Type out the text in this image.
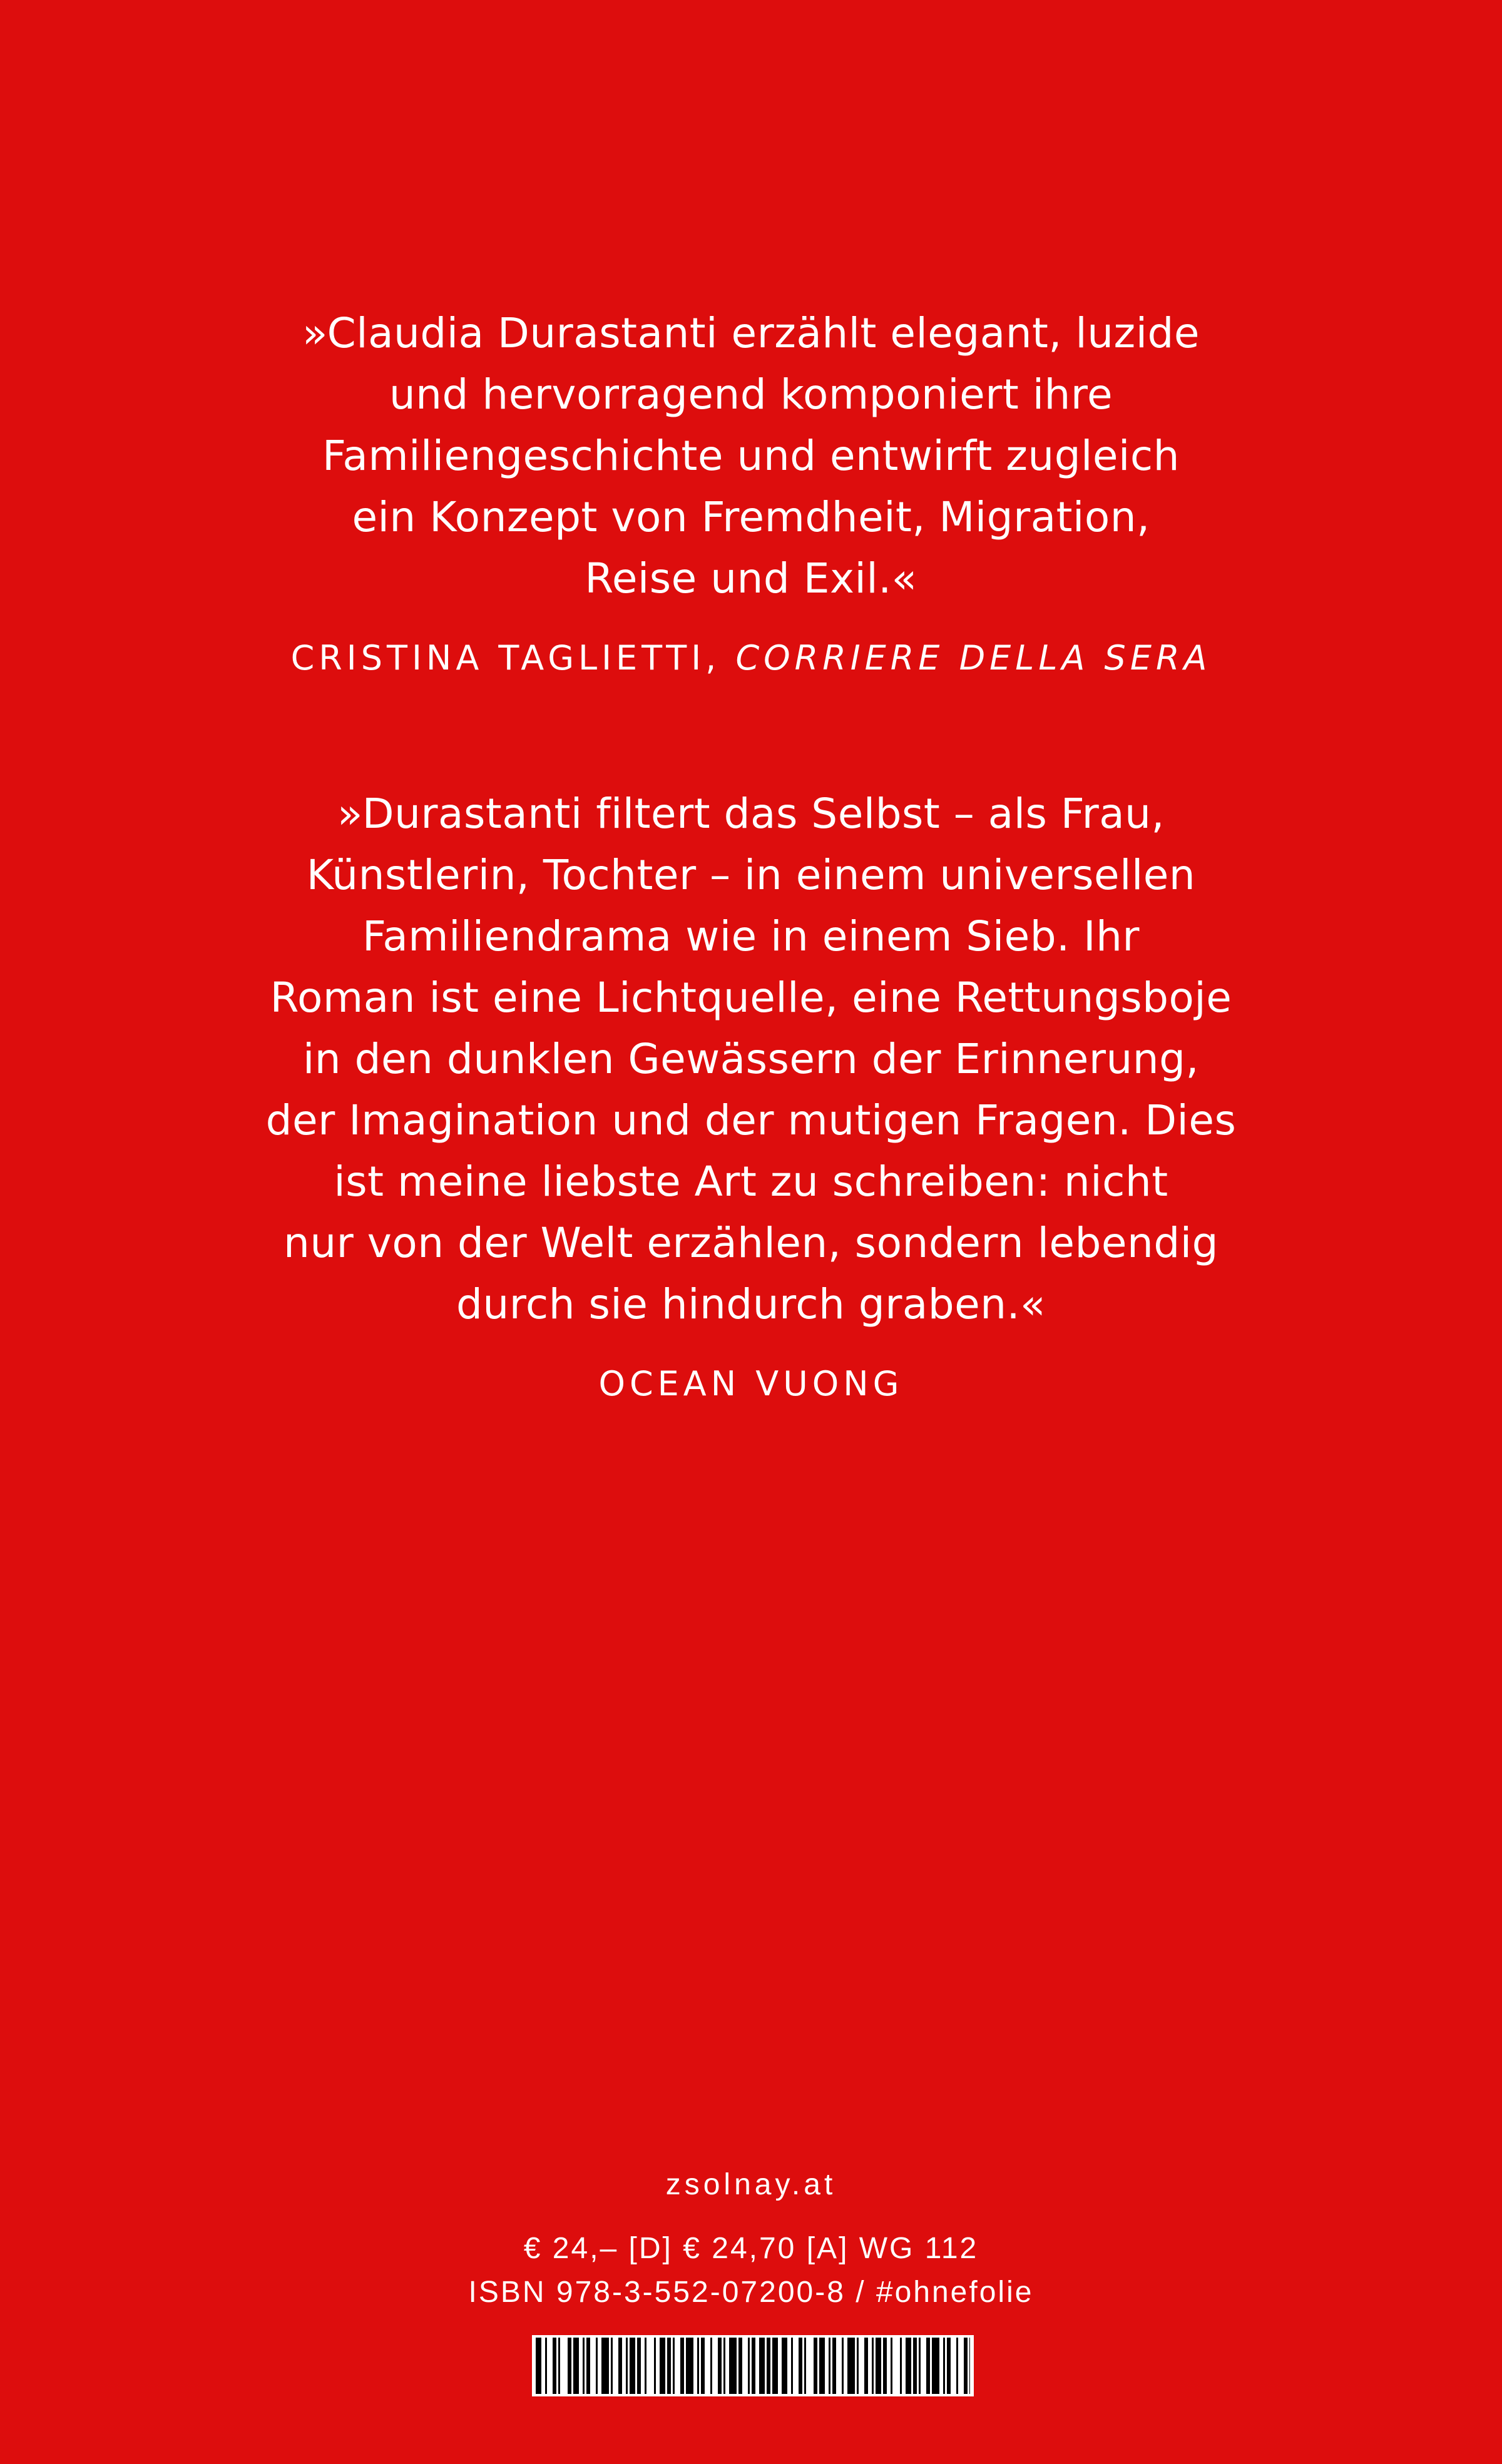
»Claudia Durastanti erzählt elegant, luzide
und hervorragend komponiert ihre
Familiengeschichte und entwirft zugleich
ein Konzept von Fremdheit, Migration,
Reise und Exil.«

CRISTINA TAGLIETTI, CORRIERE DELLA SERA

»Durastanti filtert das Selbst – als Frau,
Künstlerin, Tochter – in einem universellen
Familiendrama wie in einem Sieb. Ihr
Roman ist eine Lichtquelle, eine Rettungsboje
in den dunklen Gewässern der Erinnerung,
der Imagination und der mutigen Fragen. Dies
ist meine liebste Art zu schreiben: nicht
nur von der Welt erzählen, sondern lebendig
durch sie hindurch graben.«

OCEAN VUONG

zsolnay.at
€ 24,– [D] € 24,70 [A] WG 112
ISBN 978-3-552-07200-8 / #ohnefolie
